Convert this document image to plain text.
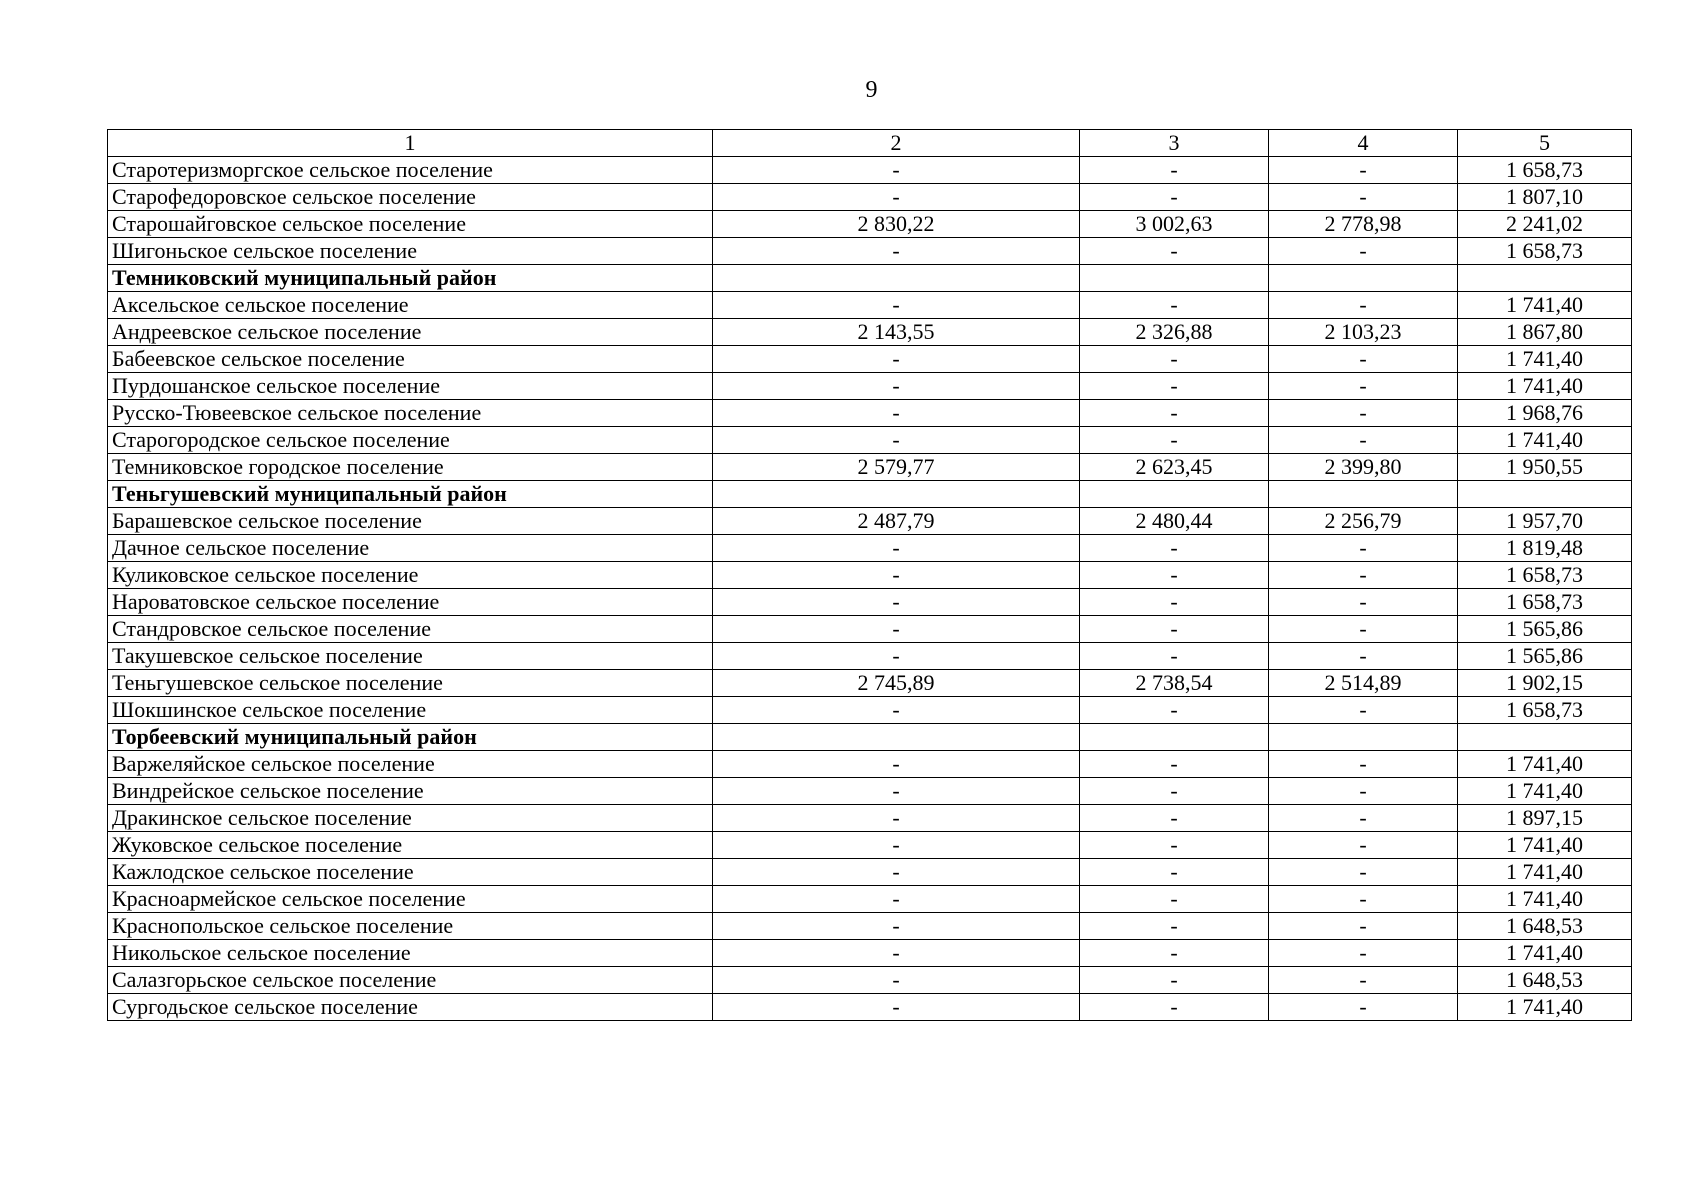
9
1	2	3	4	5
Старотеризморгское сельское поселение	-	-	-	1 658,73
Старофедоровское сельское поселение	-	-	-	1 807,10
Старошайговское сельское поселение	2 830,22	3 002,63	2 778,98	2 241,02
Шигоньское сельское поселение	-	-	-	1 658,73
Темниковский муниципальный район				
Аксельское сельское поселение	-	-	-	1 741,40
Андреевское сельское поселение	2 143,55	2 326,88	2 103,23	1 867,80
Бабеевское сельское поселение	-	-	-	1 741,40
Пурдошанское сельское поселение	-	-	-	1 741,40
Русско-Тювеевское сельское поселение	-	-	-	1 968,76
Старогородское сельское поселение	-	-	-	1 741,40
Темниковское городское поселение	2 579,77	2 623,45	2 399,80	1 950,55
Теньгушевский муниципальный район				
Барашевское сельское поселение	2 487,79	2 480,44	2 256,79	1 957,70
Дачное сельское поселение	-	-	-	1 819,48
Куликовское сельское поселение	-	-	-	1 658,73
Нароватовское сельское поселение	-	-	-	1 658,73
Стандровское сельское поселение	-	-	-	1 565,86
Такушевское сельское поселение	-	-	-	1 565,86
Теньгушевское сельское поселение	2 745,89	2 738,54	2 514,89	1 902,15
Шокшинское сельское поселение	-	-	-	1 658,73
Торбеевский муниципальный район				
Варжеляйское сельское поселение	-	-	-	1 741,40
Виндрейское сельское поселение	-	-	-	1 741,40
Дракинское сельское поселение	-	-	-	1 897,15
Жуковское сельское поселение	-	-	-	1 741,40
Кажлодское сельское поселение	-	-	-	1 741,40
Красноармейское сельское поселение	-	-	-	1 741,40
Краснопольское сельское поселение	-	-	-	1 648,53
Никольское сельское поселение	-	-	-	1 741,40
Салазгорьское сельское поселение	-	-	-	1 648,53
Сургодьское сельское поселение	-	-	-	1 741,40
